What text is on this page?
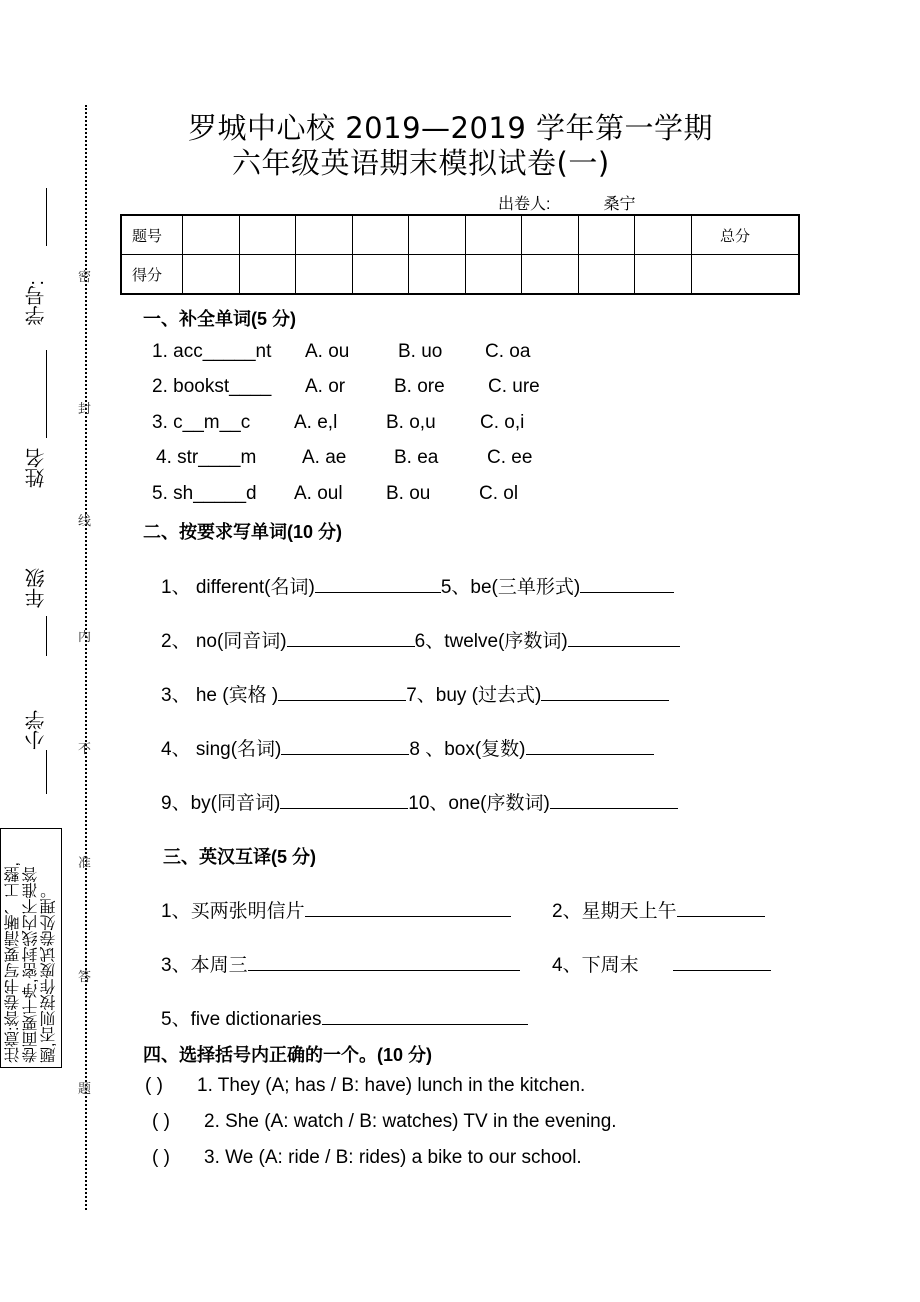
密
封
线
内
不
准
答
题
学号:
姓名
年级
小学
注意:答卷书写要清晰、工整, 卷面要干净,密封线内不准答 题,否则按作废试卷处理。
罗城中心校 2019—2019 学年第一学期
六年级英语期末模拟试卷(一)
出卷人:	桑宁
题号										总分
得分										
一、补全单词(5 分)
1. acc_____nt A. ou	B. uo C. oa
2. bookst____ A. or	B. ore C. ure
3. c__m__c A. e,l	B. o,u C. o,i
4. str____m A. ae	B. ea	C. ee
5. sh_____d A. oul B. ou	C. ol
二、按要求写单词(10 分)
1、 different(名词)	5、be(三单形式)
2、 no(同音词)	6、twelve(序数词)
3、 he (宾格 )	7、buy (过去式)
4、 sing(名词)	8 、box(复数)
9、by(同音词)	10、one(序数词)
三、英汉互译(5 分)
1、买两张明信片	2、星期天上午
3、本周三	4、下周末
5、five dictionaries
四、选择括号内正确的一个。(10 分)
( ) 1. They (A; has / B: have) lunch in the kitchen.
( ) 2. She (A: watch / B: watches) TV in the evening.
( ) 3. We (A: ride / B: rides) a bike to our school.
